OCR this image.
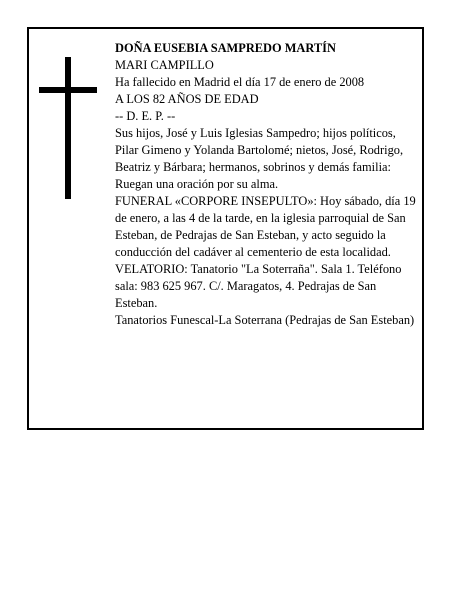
DOÑA EUSEBIA SAMPREDO MARTÍN

MARI CAMPILLO

Ha fallecido en Madrid el día 17 de enero de 2008

A LOS 82 AÑOS DE EDAD

-- D. E. P. --

Sus hijos, José y Luis Iglesias Sampedro; hijos políticos, Pilar Gimeno y Yolanda Bartolomé; nietos, José, Rodrigo, Beatriz y Bárbara; hermanos, sobrinos y demás familia:

Ruegan una oración por su alma.

FUNERAL «CORPORE INSEPULTO»: Hoy sábado, día 19 de enero, a las 4 de la tarde, en la iglesia parroquial de San Esteban, de Pedrajas de San Esteban, y acto seguido la conducción del cadáver al cementerio de esta localidad.

VELATORIO: Tanatorio "La Soterraña". Sala 1. Teléfono sala: 983 625 967. C/. Maragatos, 4. Pedrajas de San Esteban.

Tanatorios Funescal-La Soterrana (Pedrajas de San Esteban)
